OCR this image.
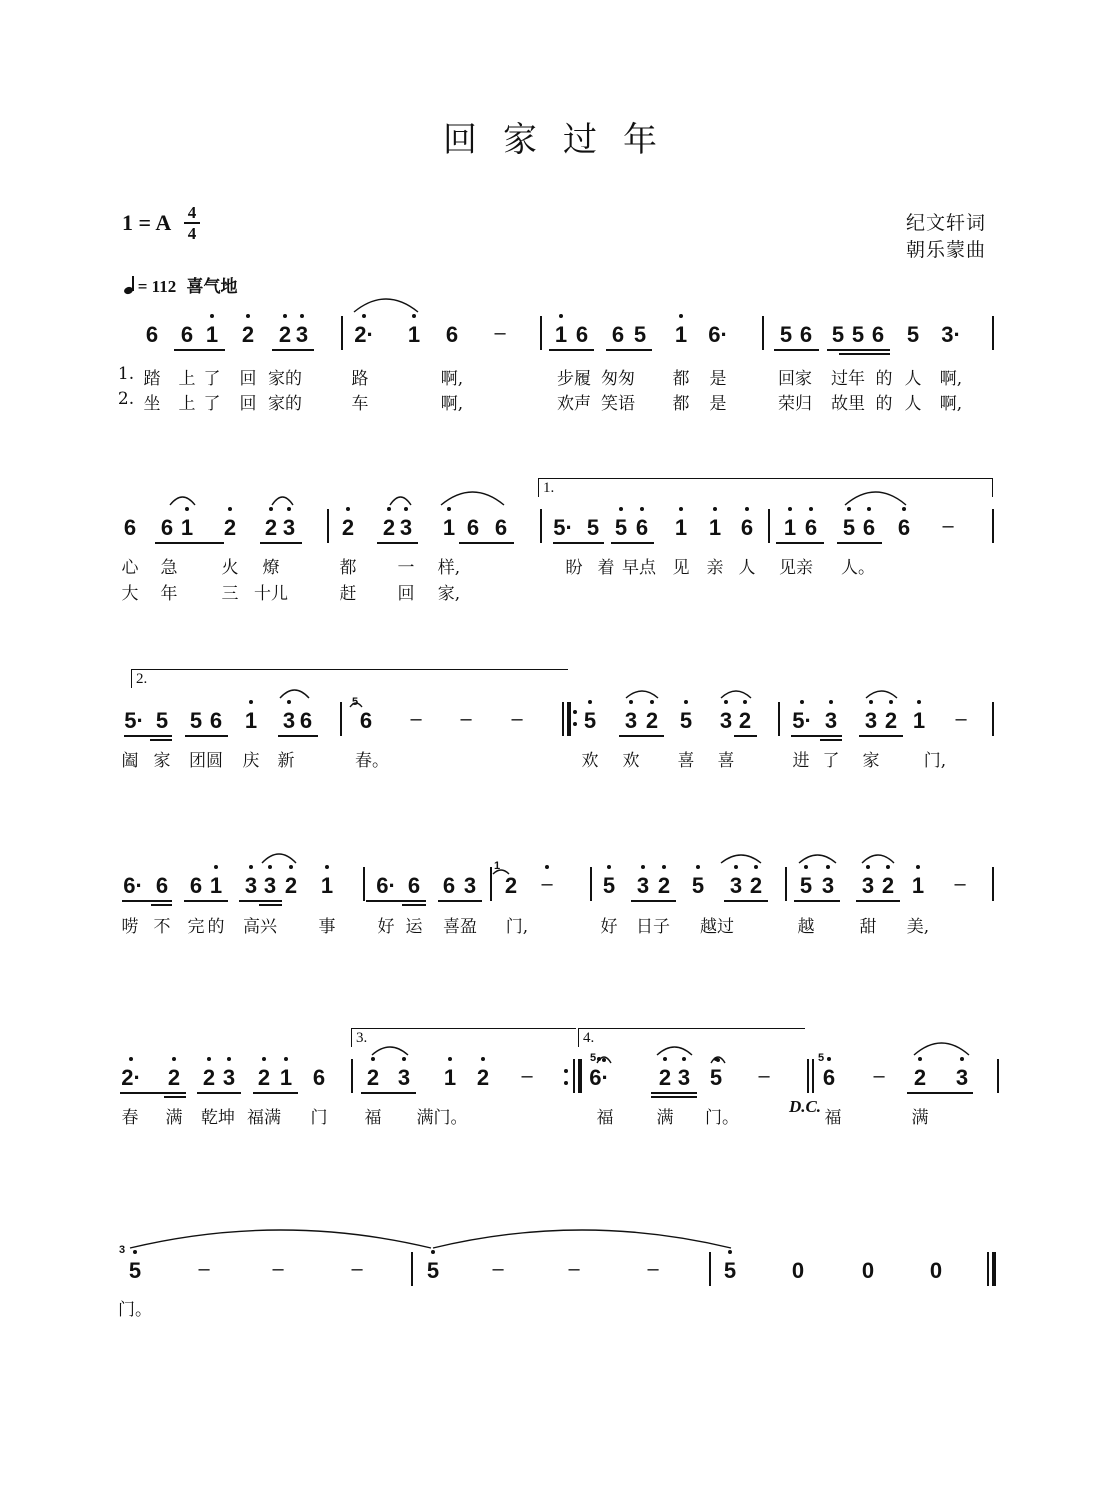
回家过年
1 = A 4
4	纪文轩词
朝乐蒙曲
= 112 喜气地
6 6 1 2 2 3 2· 1 6 – 1 6 6 5 1 6· 5 6 5 5 6 5 3·
6 6 1 2 2 3 2 2 3 1 6 6 5· 5 5 6 1 1 6 1 6 5 6 6 –
5· 5 5 6 1 3 6 6 – – –	5 3 2 5 3 2 5· 3 3 2 1 –
6· 6 6 1 3 3 2 1 6· 6 6 3 2 – 5 3 2 5 3 2 5 3 3 2 1 –
2· 2 2 3 2 1 6 2 3 1 2 –	6· 2 3 5 – 6 – 2 3
5	–	–	–	5	–	–	–	5	0	0	0
5
1
5	5
3
1.
2.
3.	4.
D.C.
1. 踏 上 了 回 家的	路	啊,	步履 匆匆 都 是	回家 过年 的 人 啊,
2. 坐 上 了 回 家的	车	啊,	欢声 笑语 都 是	荣归 故里 的 人 啊,
心 急	火 燎	都 一 样,	盼 着 早点 见 亲 人 见亲 人。
大 年	三 十儿	赶 回 家,
阖 家 团圆 庆 新	春。	欢 欢 喜 喜	进 了 家	门,
唠 不 完 的 高兴 事 好 运 喜盈 门,	好 日子 越过	越	甜 美,
春 满 乾坤 福满 门 福 满门。	福	满 门。	福	满
门。
